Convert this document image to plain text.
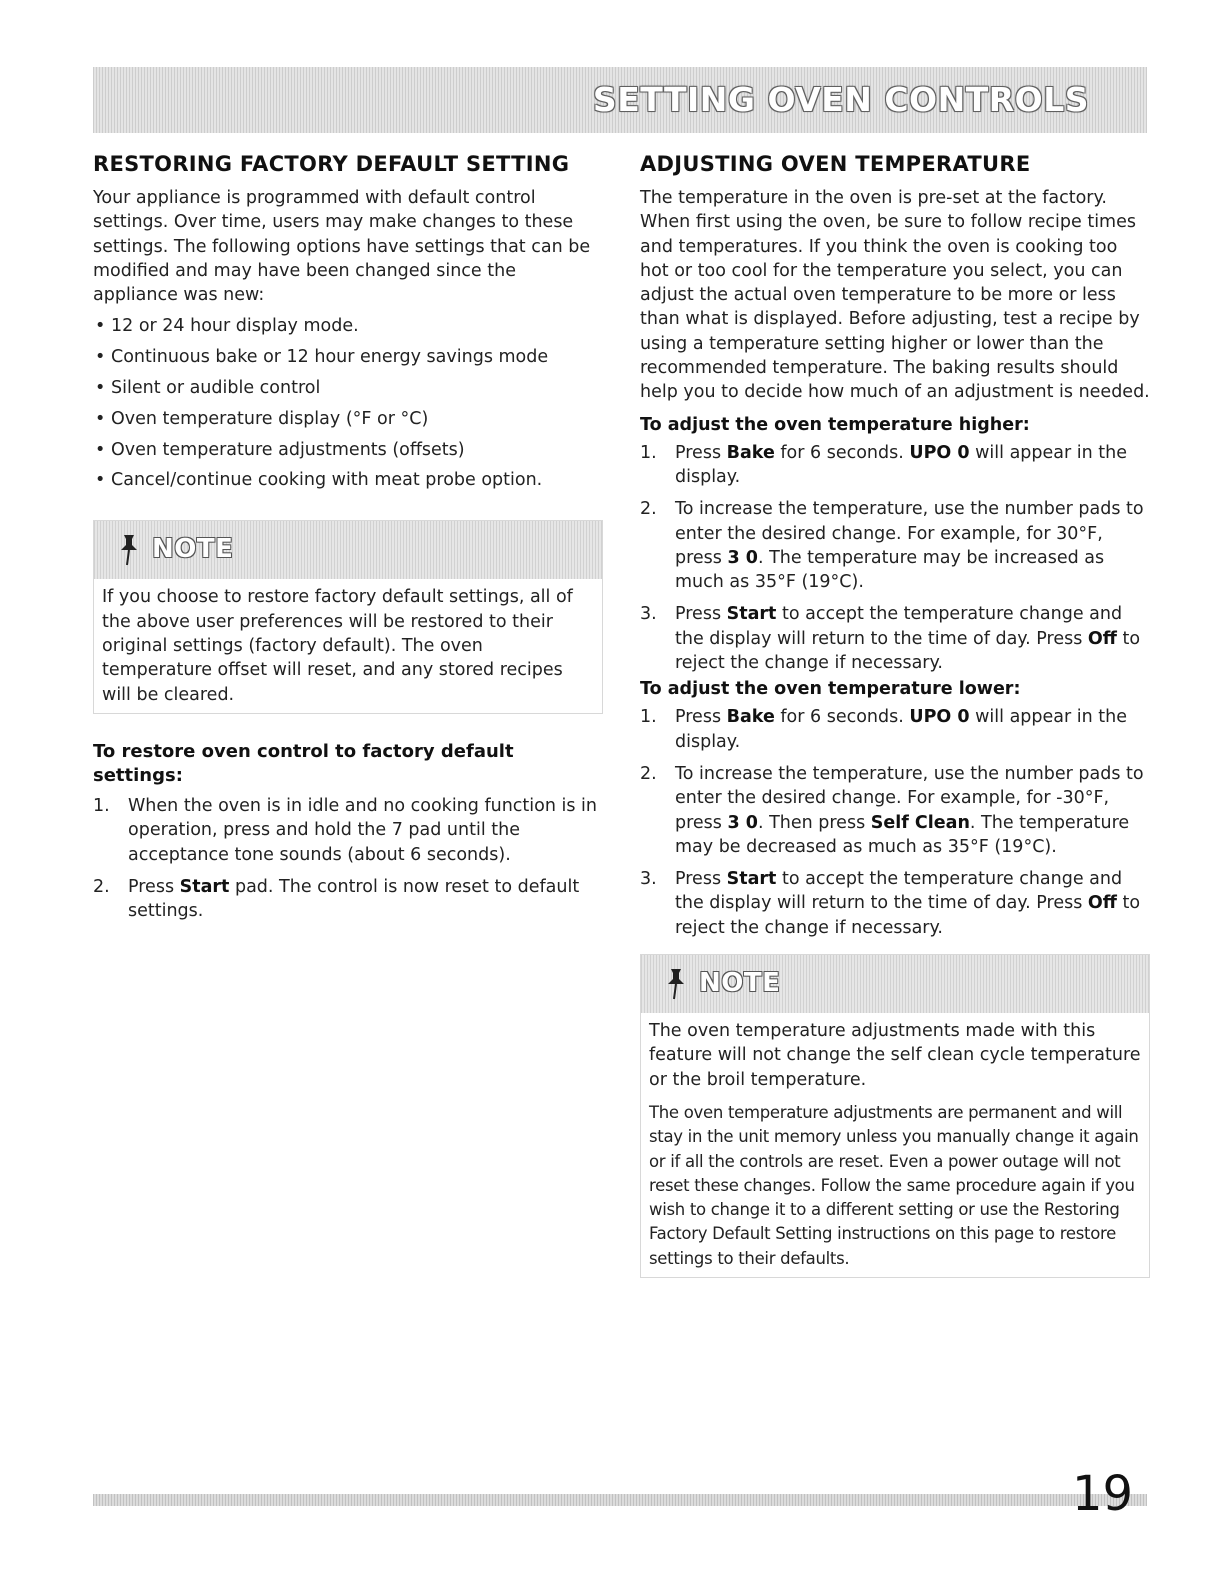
SETTING OVEN CONTROLS
RESTORING FACTORY DEFAULT SETTING

Your appliance is programmed with default control settings. Over time, users may make changes to these settings. The following options have settings that can be modified and may have been changed since the appliance was new:

• 12 or 24 hour display mode.
• Continuous bake or 12 hour energy savings mode
• Silent or audible control
• Oven temperature display (°F or °C)
• Oven temperature adjustments (offsets)
• Cancel/continue cooking with meat probe option.
NOTE

If you choose to restore factory default settings, all of the above user preferences will be restored to their original settings (factory default). The oven temperature offset will reset, and any stored recipes will be cleared.

To restore oven control to factory default settings:
1. When the oven is in idle and no cooking function is in operation, press and hold the 7 pad until the acceptance tone sounds (about 6 seconds).
2. Press Start pad. The control is now reset to default settings.
ADJUSTING OVEN TEMPERATURE

The temperature in the oven is pre-set at the factory. When first using the oven, be sure to follow recipe times and temperatures. If you think the oven is cooking too hot or too cool for the temperature you select, you can adjust the actual oven temperature to be more or less than what is displayed. Before adjusting, test a recipe by using a temperature setting higher or lower than the recommended temperature. The baking results should help you to decide how much of an adjustment is needed.

To adjust the oven temperature higher:
1. Press Bake for 6 seconds. UPO 0 will appear in the display.
2. To increase the temperature, use the number pads to enter the desired change. For example, for 30°F, press 3 0. The temperature may be increased as much as 35°F (19°C).
3. Press Start to accept the temperature change and the display will return to the time of day. Press Off to reject the change if necessary.
To adjust the oven temperature lower:
1. Press Bake for 6 seconds. UPO 0 will appear in the display.
2. To increase the temperature, use the number pads to enter the desired change. For example, for -30°F, press 3 0. Then press Self Clean. The temperature may be decreased as much as 35°F (19°C).
3. Press Start to accept the temperature change and the display will return to the time of day. Press Off to reject the change if necessary.
NOTE

The oven temperature adjustments made with this feature will not change the self clean cycle temperature or the broil temperature.

The oven temperature adjustments are permanent and will stay in the unit memory unless you manually change it again or if all the controls are reset. Even a power outage will not reset these changes. Follow the same procedure again if you wish to change it to a different setting or use the Restoring Factory Default Setting instructions on this page to restore settings to their defaults.

19
